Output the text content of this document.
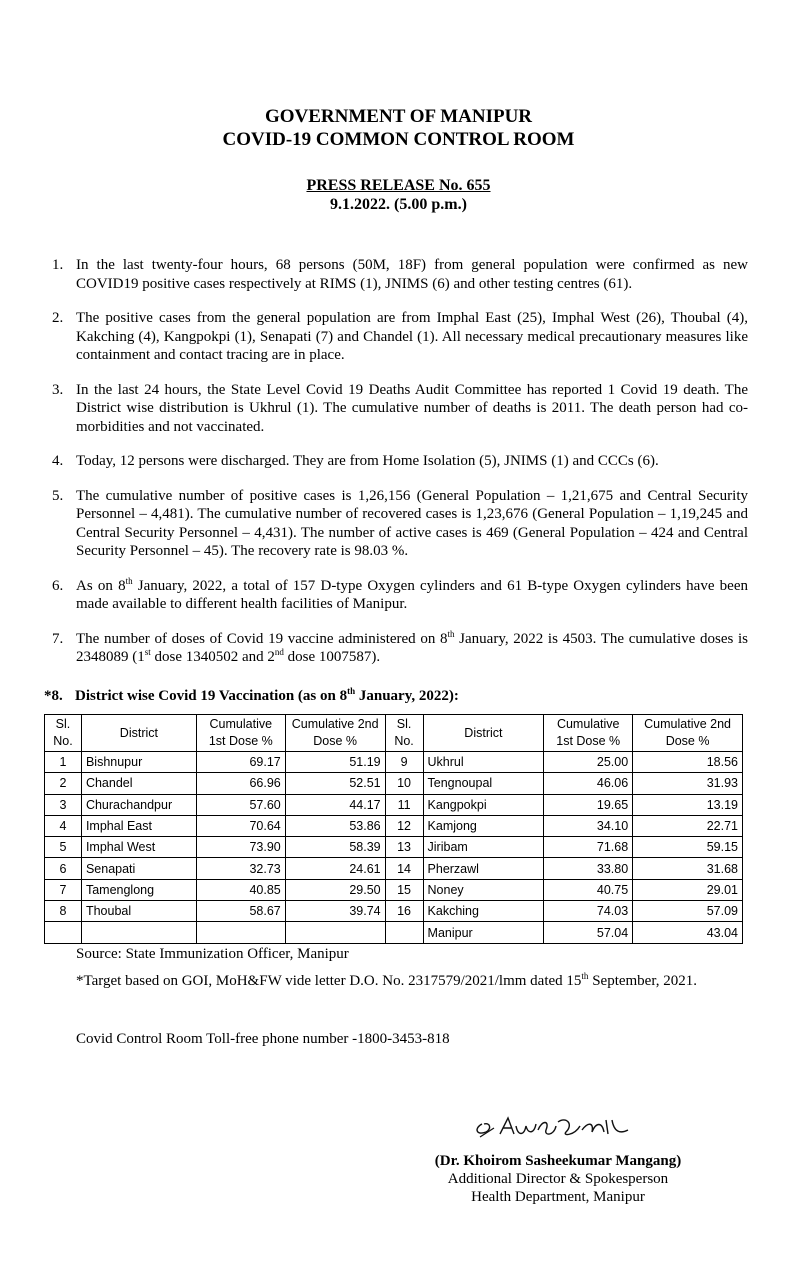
GOVERNMENT OF MANIPUR
COVID-19 COMMON CONTROL ROOM
PRESS RELEASE No. 655
9.1.2022. (5.00 p.m.)
1. In the last twenty-four hours, 68 persons (50M, 18F) from general population were confirmed as new COVID19 positive cases respectively at RIMS (1), JNIMS (6) and other testing centres (61).
2. The positive cases from the general population are from Imphal East (25), Imphal West (26), Thoubal (4), Kakching (4), Kangpokpi (1), Senapati (7) and Chandel (1). All necessary medical precautionary measures like containment and contact tracing are in place.
3. In the last 24 hours, the State Level Covid 19 Deaths Audit Committee has reported 1 Covid 19 death. The District wise distribution is Ukhrul (1). The cumulative number of deaths is 2011. The death person had co-morbidities and not vaccinated.
4. Today, 12 persons were discharged. They are from Home Isolation (5), JNIMS (1) and CCCs (6).
5. The cumulative number of positive cases is 1,26,156 (General Population – 1,21,675 and Central Security Personnel – 4,481). The cumulative number of recovered cases is 1,23,676 (General Population – 1,19,245 and Central Security Personnel – 4,431). The number of active cases is 469 (General Population – 424 and Central Security Personnel – 45). The recovery rate is 98.03 %.
6. As on 8th January, 2022, a total of 157 D-type Oxygen cylinders and 61 B-type Oxygen cylinders have been made available to different health facilities of Manipur.
7. The number of doses of Covid 19 vaccine administered on 8th January, 2022 is 4503. The cumulative doses is 2348089 (1st dose 1340502 and 2nd dose 1007587).
*8. District wise Covid 19 Vaccination (as on 8th January, 2022):
Sl. No.	District	Cumulative 1st Dose %	Cumulative 2nd Dose %	Sl. No.	District	Cumulative 1st Dose %	Cumulative 2nd Dose %
1	Bishnupur	69.17	51.19	9	Ukhrul	25.00	18.56
2	Chandel	66.96	52.51	10	Tengnoupal	46.06	31.93
3	Churachandpur	57.60	44.17	11	Kangpokpi	19.65	13.19
4	Imphal East	70.64	53.86	12	Kamjong	34.10	22.71
5	Imphal West	73.90	58.39	13	Jiribam	71.68	59.15
6	Senapati	32.73	24.61	14	Pherzawl	33.80	31.68
7	Tamenglong	40.85	29.50	15	Noney	40.75	29.01
8	Thoubal	58.67	39.74	16	Kakching	74.03	57.09
					Manipur	57.04	43.04
Source: State Immunization Officer, Manipur
*Target based on GOI, MoH&FW vide letter D.O. No. 2317579/2021/lmm dated 15th September, 2021.
Covid Control Room Toll-free phone number -1800-3453-818
(Dr. Khoirom Sasheekumar Mangang)
Additional Director & Spokesperson
Health Department, Manipur
